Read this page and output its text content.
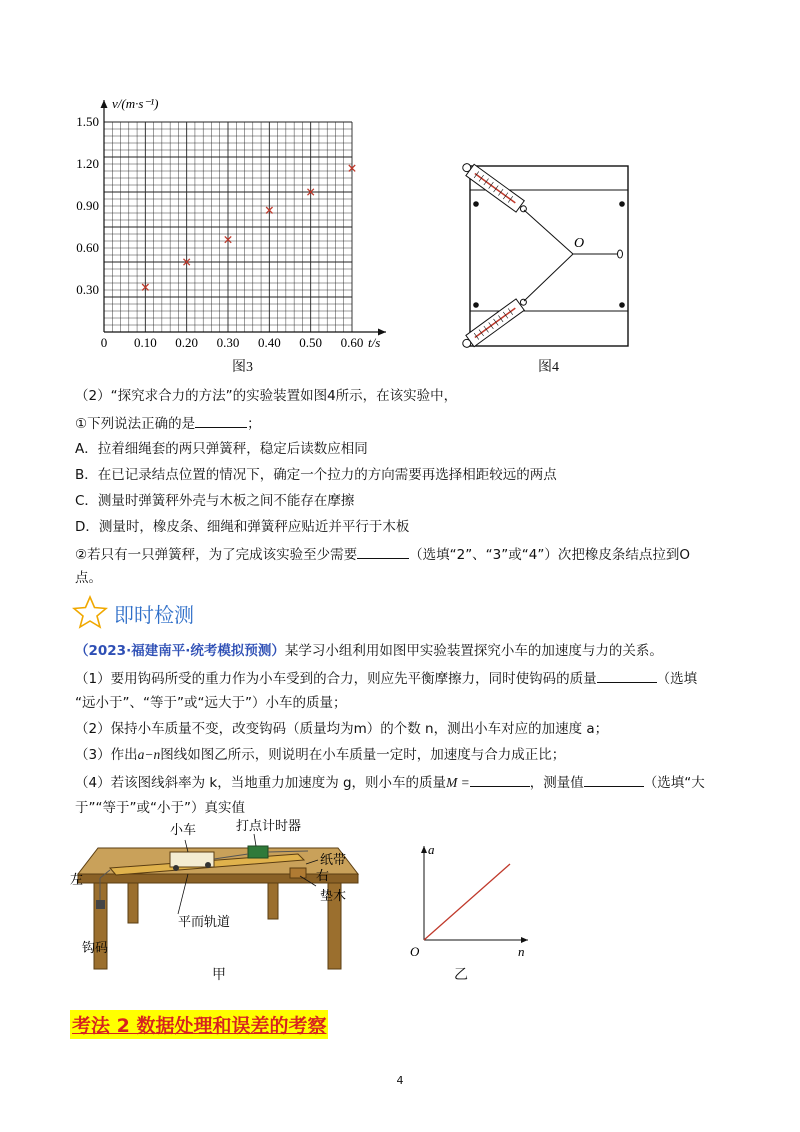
0 0.10 0.20 0.30 0.40 0.50 0.60
0.30
0.60
0.90
1.20
1.50
v/(m·s⁻¹)
t/s
图3
O
图4
（2）“探究求合力的方法”的实验装置如图4所示，在该实验中，
①下列说法正确的是	；
A．拉着细绳套的两只弹簧秤，稳定后读数应相同
B．在已记录结点位置的情况下，确定一个拉力的方向需要再选择相距较远的两点
C．测量时弹簧秤外壳与木板之间不能存在摩擦
D．测量时，橡皮条、细绳和弹簧秤应贴近并平行于木板
②若只有一只弹簧秤，为了完成该实验至少需要	（选填“2”、“3”或“4”）次把橡皮条结点拉到O
点。
即时检测
（2023·福建南平·统考模拟预测）某学习小组利用如图甲实验装置探究小车的加速度与力的关系。
（1）要用钩码所受的重力作为小车受到的合力，则应先平衡摩擦力，同时使钩码的质量	（选填
“远小于”、“等于”或“远大于”）小车的质量；
（2）保持小车质量不变，改变钩码（质量均为m）的个数 n，测出小车对应的加速度 a；
（3）作出a−n图线如图乙所示，则说明在小车质量一定时，加速度与合力成正比；
（4）若该图线斜率为 k，当地重力加速度为 g，则小车的质量M =	，测量值	（选填“大
于”“等于”或“小于”）真实值
小车	打点计时器
纸带
右
左
垫木
平而轨道
钩码
甲
a
n
O
乙
考法 2 数据处理和误差的考察
4
